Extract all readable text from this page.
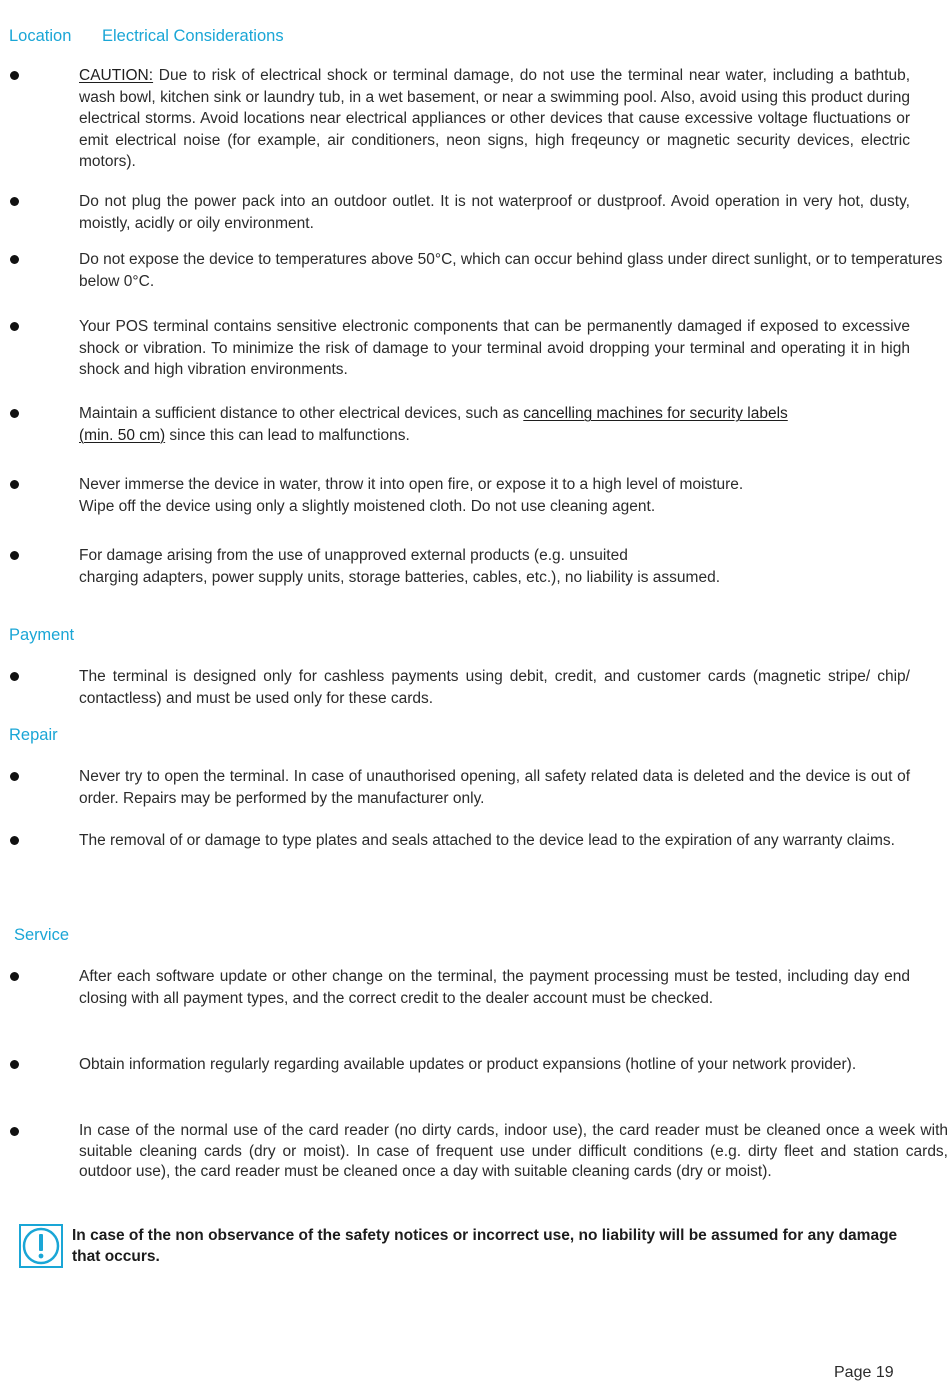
Location Electrical Considerations
CAUTION: Due to risk of electrical shock or terminal damage, do not use the terminal near water, including a bathtub, wash bowl, kitchen sink or laundry tub, in a wet basement, or near a swimming pool. Also, avoid using this product during electrical storms. Avoid locations near electrical appliances or other devices that cause excessive voltage fluctuations or emit electrical noise (for example, air conditioners, neon signs, high freqeuncy or magnetic security devices, electric motors).
Do not plug the power pack into an outdoor outlet. It is not waterproof or dustproof. Avoid operation in very hot, dusty, moistly, acidly or oily environment.
Do not expose the device to temperatures above 50°C, which can occur behind glass under direct sunlight, or to temperatures below 0°C.
Your POS terminal contains sensitive electronic components that can be permanently damaged if exposed to excessive shock or vibration. To minimize the risk of damage to your terminal avoid dropping your terminal and operating it in high shock and high vibration environments.
Maintain a sufficient distance to other electrical devices, such as cancelling machines for security labels (min. 50 cm) since this can lead to malfunctions.
Never immerse the device in water, throw it into open fire, or expose it to a high level of moisture.
Wipe off the device using only a slightly moistened cloth. Do not use cleaning agent.
For damage arising from the use of unapproved external products (e.g. unsuited
charging adapters, power supply units, storage batteries, cables, etc.), no liability is assumed.
Payment
The terminal is designed only for cashless payments using debit, credit, and customer cards (magnetic stripe/ chip/ contactless) and must be used only for these cards.
Repair
Never try to open the terminal. In case of unauthorised opening, all safety related data is deleted and the device is out of order. Repairs may be performed by the manufacturer only.
The removal of or damage to type plates and seals attached to the device lead to the expiration of any warranty claims.
Service
After each software update or other change on the terminal, the payment processing must be tested, including day end closing with all payment types, and the correct credit to the dealer account must be checked.
Obtain information regularly regarding available updates or product expansions (hotline of your network provider).
In case of the normal use of the card reader (no dirty cards, indoor use), the card reader must be cleaned once a week with suitable cleaning cards (dry or moist). In case of frequent use under difficult conditions (e.g. dirty fleet and station cards, outdoor use), the card reader must be cleaned once a day with suitable cleaning cards (dry or moist).
In case of the non observance of the safety notices or incorrect use, no liability will be assumed for any damage that occurs.
Page 19
